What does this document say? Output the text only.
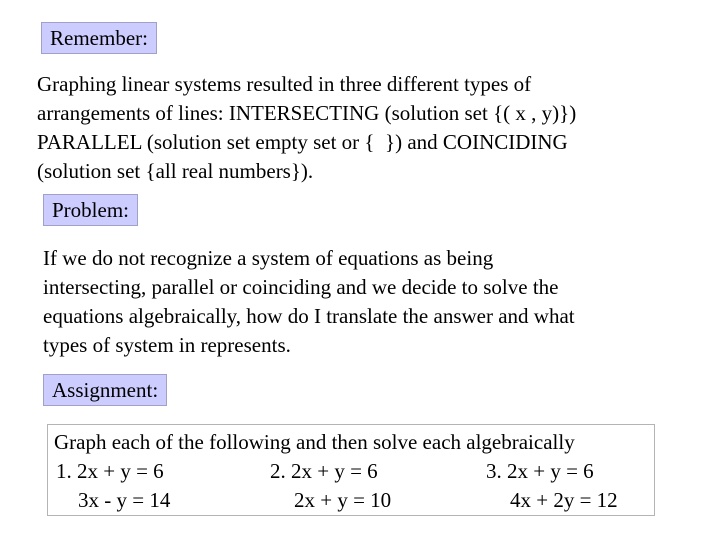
Remember:

Graphing linear systems resulted in three different types of
arrangements of lines: INTERSECTING (solution set {( x , y)})
PARALLEL (solution set empty set or {  }) and COINCIDING
(solution set {all real numbers}).

Problem:

If we do not recognize a system of equations as being
intersecting, parallel or coinciding and we decide to solve the
equations algebraically, how do I translate the answer and what
types of system in represents.

Assignment:
Graph each of the following and then solve each algebraically
1. 2x + y = 6
3x - y = 14
2. 2x + y = 6
2x + y = 10
3. 2x + y = 6
4x + 2y = 12
